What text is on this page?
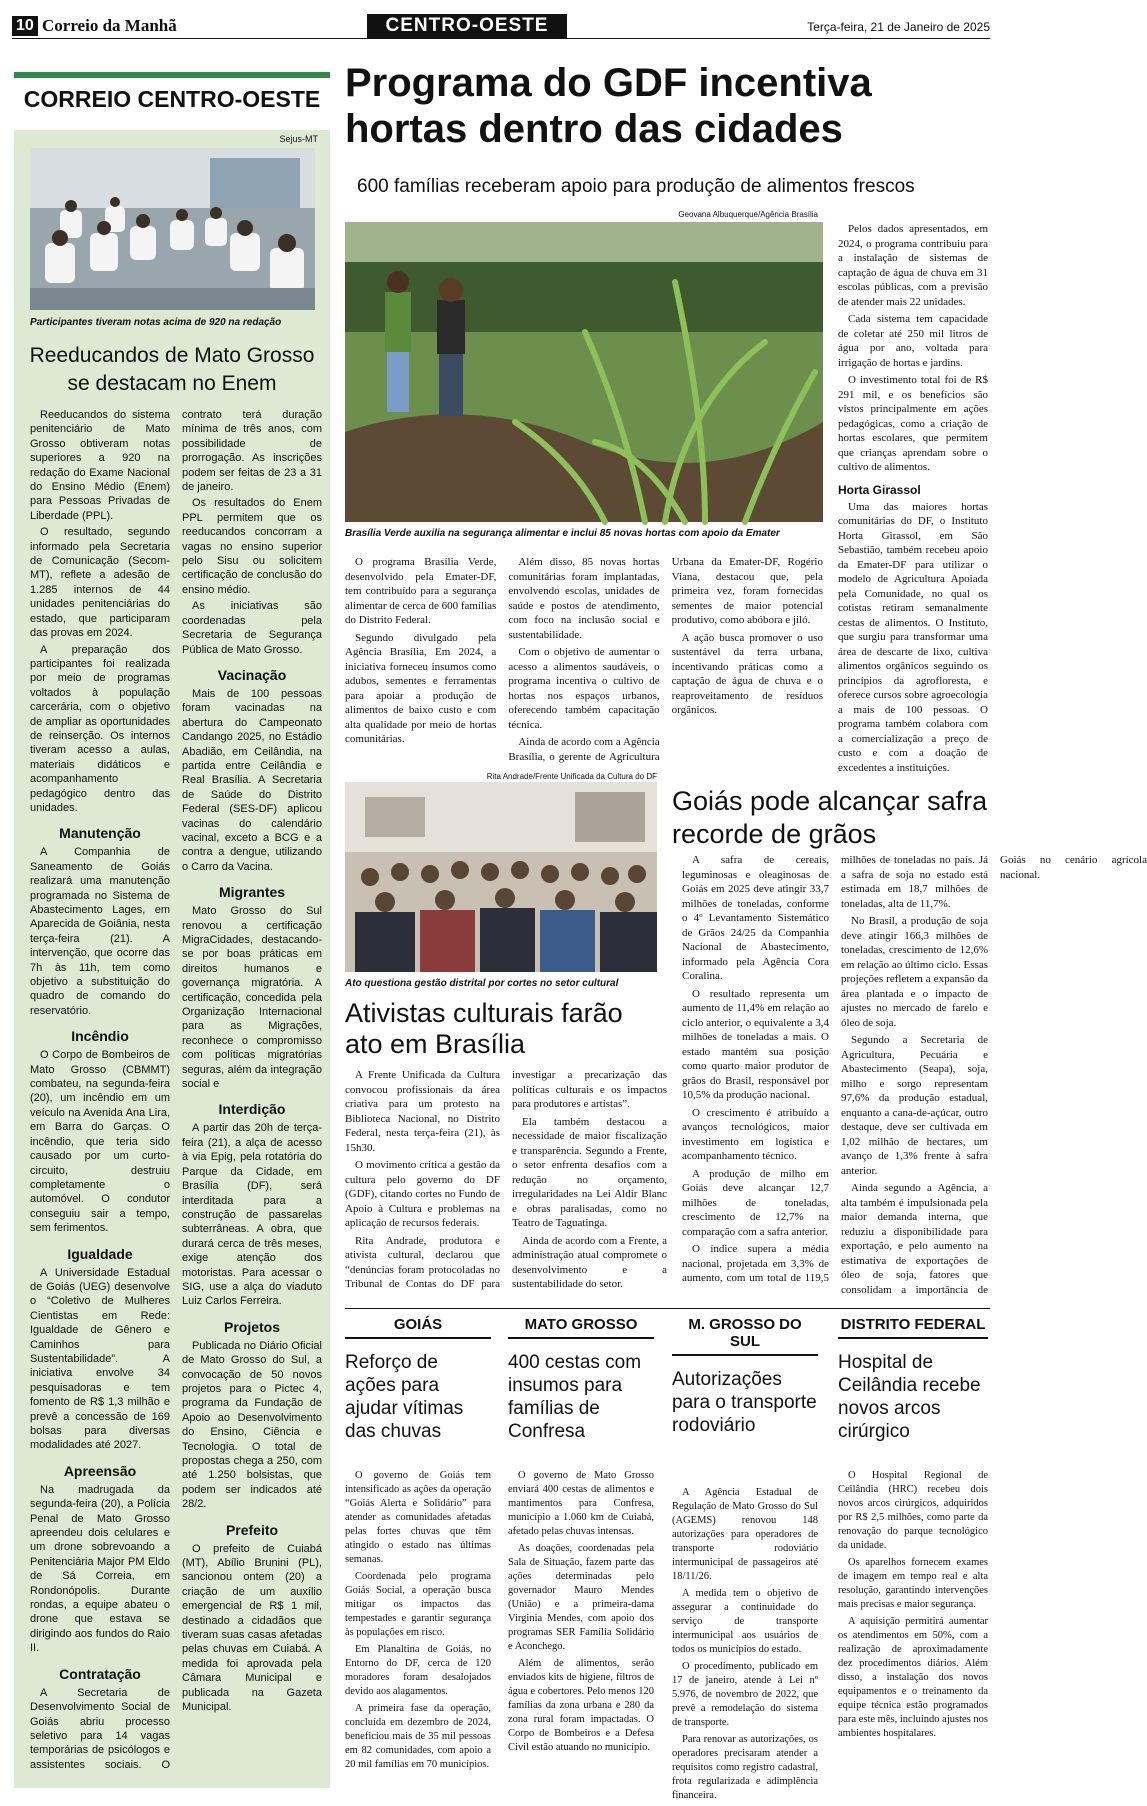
10 Correio da Manhã	CENTRO-OESTE	Terça-feira, 21 de Janeiro de 2025
CORREIO CENTRO-OESTE
Sejus-MT
Participantes tiveram notas acima de 920 na redação
Reeducandos de Mato Grosso se destacam no Enem

Reeducandos do sistema penitenciário de Mato Grosso obtiveram notas superiores a 920 na redação do Exame Nacional do Ensino Médio (Enem) para Pessoas Privadas de Liberdade (PPL).

O resultado, segundo informado pela Secretaria de Comunicação (Secom-MT), reflete a adesão de 1.285 internos de 44 unidades penitenciárias do estado, que participaram das provas em 2024.

A preparação dos participantes foi realizada por meio de programas voltados à população carcerária, com o objetivo de ampliar as oportunidades de reinserção. Os internos tiveram acesso a aulas, materiais didáticos e acompanhamento pedagógico dentro das unidades.

Manutenção

A Companhia de Saneamento de Goiás realizará uma manutenção programada no Sistema de Abastecimento Lages, em Aparecida de Goiânia, nesta terça-feira (21). A intervenção, que ocorre das 7h às 11h, tem como objetivo a substituição do quadro de comando do reservatório.

Incêndio

O Corpo de Bombeiros de Mato Grosso (CBMMT) combateu, na segunda-feira (20), um incêndio em um veículo na Avenida Ana Lira, em Barra do Garças. O incêndio, que teria sido causado por um curto-circuito, destruiu completamente o automóvel. O condutor conseguiu sair a tempo, sem ferimentos.

Igualdade

A Universidade Estadual de Goiás (UEG) desenvolve o “Coletivo de Mulheres Cientistas em Rede: Igualdade de Gênero e Caminhos para Sustentabilidade”. A iniciativa envolve 34 pesquisadoras e tem fomento de R$ 1,3 milhão e prevê a concessão de 169 bolsas para diversas modalidades até 2027.

Apreensão

Na madrugada da segunda-feira (20), a Polícia Penal de Mato Grosso apreendeu dois celulares e um drone sobrevoando a Penitenciária Major PM Eldo de Sá Correia, em Rondonópolis. Durante rondas, a equipe abateu o drone que estava se dirigindo aos fundos do Raio II.

Contratação

A Secretaria de Desenvolvimento Social de Goiás abriu processo seletivo para 14 vagas temporárias de psicólogos e assistentes sociais. O contrato terá duração mínima de três anos, com possibilidade de prorrogação. As inscrições podem ser feitas de 23 a 31 de janeiro.

Os resultados do Enem PPL permitem que os reeducandos concorram a vagas no ensino superior pelo Sisu ou solicitem certificação de conclusão do ensino médio.

As iniciativas são coordenadas pela Secretaria de Segurança Pública de Mato Grosso.

Vacinação

Mais de 100 pessoas foram vacinadas na abertura do Campeonato Candango 2025, no Estádio Abadião, em Ceilândia, na partida entre Ceilândia e Real Brasília. A Secretaria de Saúde do Distrito Federal (SES-DF) aplicou vacinas do calendário vacinal, exceto a BCG e a contra a dengue, utilizando o Carro da Vacina.

Migrantes

Mato Grosso do Sul renovou a certificação MigraCidades, destacando-se por boas práticas em direitos humanos e governança migratória. A certificação, concedida pela Organização Internacional para as Migrações, reconhece o compromisso com políticas migratórias seguras, além da integração social e

Interdição

A partir das 20h de terça-feira (21), a alça de acesso à via Epig, pela rotatória do Parque da Cidade, em Brasília (DF), será interditada para a construção de passarelas subterrâneas. A obra, que durará cerca de três meses, exige atenção dos motoristas. Para acessar o SIG, use a alça do viaduto Luiz Carlos Ferreira.

Projetos

Publicada no Diário Oficial de Mato Grosso do Sul, a convocação de 50 novos projetos para o Pictec 4, programa da Fundação de Apoio ao Desenvolvimento do Ensino, Ciência e Tecnologia. O total de propostas chega a 250, com até 1.250 bolsistas, que podem ser indicados até 28/2.

Prefeito

O prefeito de Cuiabá (MT), Abílio Brunini (PL), sancionou ontem (20) a criação de um auxílio emergencial de R$ 1 mil, destinado a cidadãos que tiveram suas casas afetadas pelas chuvas em Cuiabá. A medida foi aprovada pela Câmara Municipal e publicada na Gazeta Municipal.

Programa do GDF incentiva hortas dentro das cidades
600 famílias receberam apoio para produção de alimentos frescos
Geovana Albuquerque/Agência Brasília
Brasília Verde auxilia na segurança alimentar e inclui 85 novas hortas com apoio da Emater

O programa Brasília Verde, desenvolvido pela Emater-DF, tem contribuído para a segurança alimentar de cerca de 600 famílias do Distrito Federal.

Segundo divulgado pela Agência Brasília, Em 2024, a iniciativa forneceu insumos como adubos, sementes e ferramentas para apoiar a produção de alimentos de baixo custo e com alta qualidade por meio de hortas comunitárias.

Além disso, 85 novas hortas comunitárias foram implantadas, envolvendo escolas, unidades de saúde e postos de atendimento, com foco na inclusão social e sustentabilidade.

Com o objetivo de aumentar o acesso a alimentos saudáveis, o programa incentiva o cultivo de hortas nos espaços urbanos, oferecendo também capacitação técnica.

Ainda de acordo com a Agência Brasília, o gerente de Agricultura Urbana da Emater-DF, Rogério Viana, destacou que, pela primeira vez, foram fornecidas sementes de maior potencial produtivo, como abóbora e jiló.

A ação busca promover o uso sustentável da terra urbana, incentivando práticas como a captação de água de chuva e o reaproveitamento de resíduos orgânicos.

Pelos dados apresentados, em 2024, o programa contribuiu para a instalação de sistemas de captação de água de chuva em 31 escolas públicas, com a previsão de atender mais 22 unidades.

Cada sistema tem capacidade de coletar até 250 mil litros de água por ano, voltada para irrigação de hortas e jardins.

O investimento total foi de R$ 291 mil, e os benefícios são vistos principalmente em ações pedagógicas, como a criação de hortas escolares, que permitem que crianças aprendam sobre o cultivo de alimentos.

Horta Girassol

Uma das maiores hortas comunitárias do DF, o Instituto Horta Girassol, em São Sebastião, também recebeu apoio da Emater-DF para utilizar o modelo de Agricultura Apoiada pela Comunidade, no qual os cotistas retiram semanalmente cestas de alimentos. O Instituto, que surgiu para transformar uma área de descarte de lixo, cultiva alimentos orgânicos seguindo os princípios da agrofloresta, e oferece cursos sobre agroecologia a mais de 100 pessoas. O programa também colabora com a comercialização a preço de custo e com a doação de excedentes a instituições.

Rita Andrade/Frente Unificada da Cultura do DF
Ato questiona gestão distrital por cortes no setor cultural
Ativistas culturais farão ato em Brasília

A Frente Unificada da Cultura convocou profissionais da área criativa para um protesto na Biblioteca Nacional, no Distrito Federal, nesta terça-feira (21), às 15h30.

O movimento critica a gestão da cultura pelo governo do DF (GDF), citando cortes no Fundo de Apoio à Cultura e problemas na aplicação de recursos federais.

Rita Andrade, produtora e ativista cultural, declarou que “denúncias foram protocoladas no Tribunal de Contas do DF para investigar a precarização das políticas culturais e os impactos para produtores e artistas”.

Ela também destacou a necessidade de maior fiscalização e transparência. Segundo a Frente, o setor enfrenta desafios com a redução no orçamento, irregularidades na Lei Aldir Blanc e obras paralisadas, como no Teatro de Taguatinga.

Ainda de acordo com a Frente, a administração atual compromete o desenvolvimento e a sustentabilidade do setor.

Goiás pode alcançar safra recorde de grãos

A safra de cereais, leguminosas e oleaginosas de Goiás em 2025 deve atingir 33,7 milhões de toneladas, conforme o 4º Levantamento Sistemático de Grãos 24/25 da Companhia Nacional de Abastecimento, informado pela Agência Cora Coralina.

O resultado representa um aumento de 11,4% em relação ao ciclo anterior, o equivalente a 3,4 milhões de toneladas a mais. O estado mantém sua posição como quarto maior produtor de grãos do Brasil, responsável por 10,5% da produção nacional.

O crescimento é atribuído a avanços tecnológicos, maior investimento em logística e acompanhamento técnico.

A produção de milho em Goiás deve alcançar 12,7 milhões de toneladas, crescimento de 12,7% na comparação com a safra anterior.

O índice supera a média nacional, projetada em 3,3% de aumento, com um total de 119,5 milhões de toneladas no país. Já a safra de soja no estado está estimada em 18,7 milhões de toneladas, alta de 11,7%.

No Brasil, a produção de soja deve atingir 166,3 milhões de toneladas, crescimento de 12,6% em relação ao último ciclo. Essas projeções refletem a expansão da área plantada e o impacto de ajustes no mercado de farelo e óleo de soja.

Segundo a Secretaria de Agricultura, Pecuária e Abastecimento (Seapa), soja, milho e sorgo representam 97,6% da produção estadual, enquanto a cana-de-açúcar, outro destaque, deve ser cultivada em 1,02 milhão de hectares, um avanço de 1,3% frente à safra anterior.

Ainda segundo a Agência, a alta também é impulsionada pela maior demanda interna, que reduziu a disponibilidade para exportação, e pelo aumento na estimativa de exportações de óleo de soja, fatores que consolidam a importância de Goiás no cenário agrícola nacional.

GOIÁS
Reforço de ações para ajudar vítimas das chuvas

O governo de Goiás tem intensificado as ações da operação “Goiás Alerta e Solidário” para atender as comunidades afetadas pelas fortes chuvas que têm atingido o estado nas últimas semanas.

Coordenada pelo programa Goiás Social, a operação busca mitigar os impactos das tempestades e garantir segurança às populações em risco.

Em Planaltina de Goiás, no Entorno do DF, cerca de 120 moradores foram desalojados devido aos alagamentos.

A primeira fase da operação, concluída em dezembro de 2024, beneficiou mais de 35 mil pessoas em 82 comunidades, com apoio a 20 mil famílias em 70 municípios.

MATO GROSSO
400 cestas com insumos para famílias de Confresa

O governo de Mato Grosso enviará 400 cestas de alimentos e mantimentos para Confresa, município a 1.060 km de Cuiabá, afetado pelas chuvas intensas.

As doações, coordenadas pela Sala de Situação, fazem parte das ações determinadas pelo governador Mauro Mendes (União) e a primeira-dama Virginia Mendes, com apoio dos programas SER Família Solidário e Aconchego.

Além de alimentos, serão enviados kits de higiene, filtros de água e cobertores. Pelo menos 120 famílias da zona urbana e 280 da zona rural foram impactadas. O Corpo de Bombeiros e a Defesa Civil estão atuando no município.

M. GROSSO DO SUL
Autorizações para o transporte rodoviário

A Agência Estadual de Regulação de Mato Grosso do Sul (AGEMS) renovou 148 autorizações para operadores de transporte rodoviário intermunicipal de passageiros até 18/11/26.

A medida tem o objetivo de assegurar a continuidade do serviço de transporte intermunicipal aos usuários de todos os municípios do estado.

O procedimento, publicado em 17 de janeiro, atende à Lei nº 5.976, de novembro de 2022, que prevê a remodelação do sistema de transporte.

Para renovar as autorizações, os operadores precisaram atender a requisitos como registro cadastral, frota regularizada e adimplência financeira.

DISTRITO FEDERAL
Hospital de Ceilândia recebe novos arcos cirúrgico

O Hospital Regional de Ceilândia (HRC) recebeu dois novos arcos cirúrgicos, adquiridos por R$ 2,5 milhões, como parte da renovação do parque tecnológico da unidade.

Os aparelhos fornecem exames de imagem em tempo real e alta resolução, garantindo intervenções mais precisas e maior segurança.

A aquisição permitirá aumentar os atendimentos em 50%, com a realização de aproximadamente dez procedimentos diários. Além disso, a instalação dos novos equipamentos e o treinamento da equipe técnica estão programados para este mês, incluindo ajustes nos ambientes hospitalares.
